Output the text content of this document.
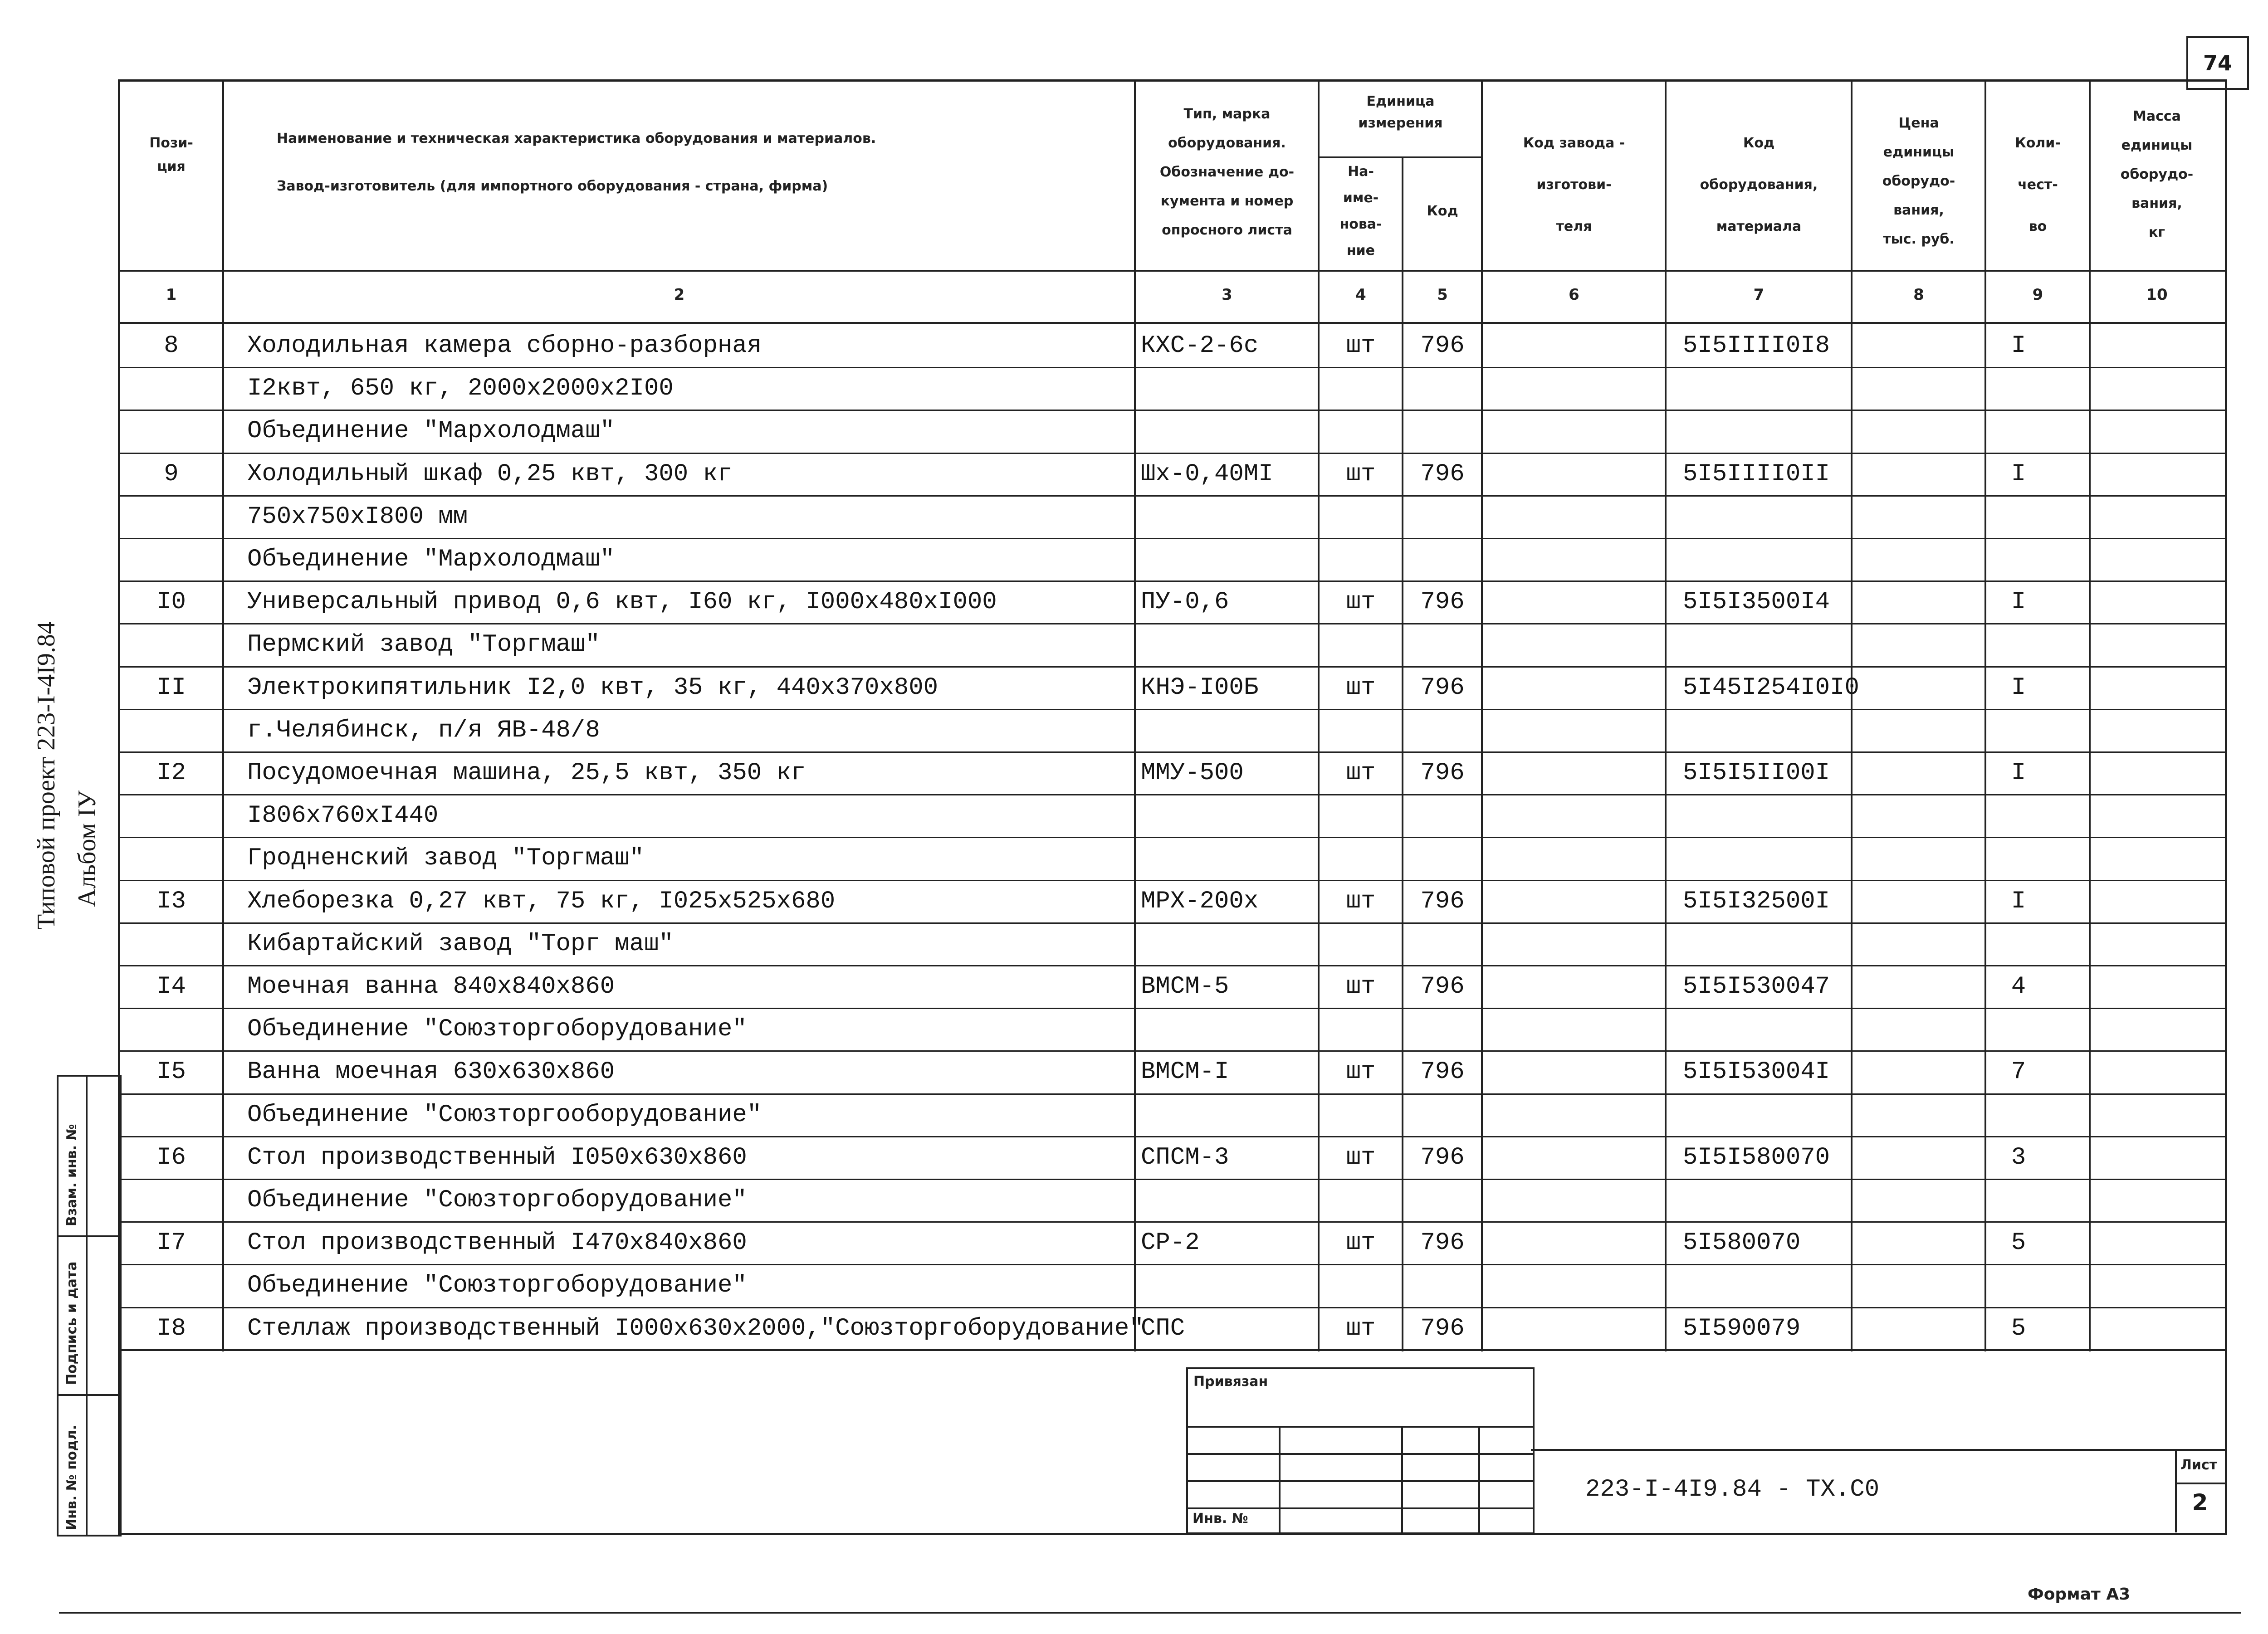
74
Типовой проект 223-I-4I9.84 Альбом IУ
Взам. инв. №
Подпись и дата
Инв. № подл.
Пози-
ция
Наименование и техническая характеристика оборудования и материалов.
Завод-изготовитель (для импортного оборудования - страна, фирма)
Тип, марка
оборудования.
Обозначение до-
кумента и номер
опросного листа
Единица
измерения
На-
име-
нова-
ние
Код
Код завода -
изготови-
теля
Код
оборудования,
материала
Цена
единицы
оборудо-
вания,
тыс. руб.
Коли-
чест-
во
Масса
единицы
оборудо-
вания,
кг
1	2	3	4	5	6	7	8	9	10
8	Холодильная камера сборно-разборная	КХС-2-6с	шт	796	5I5IIII0I8	I
I2квт, 650 кг, 2000х2000х2I00
Объединение "Мархолодмаш"
9	Холодильный шкаф 0,25 квт, 300 кг	Шх-0,40МI	шт	796	5I5IIII0II	I
750х750хI800 мм
Объединение "Мархолодмаш"
I0	Универсальный привод 0,6 квт, I60 кг, I000х480хI000	ПУ-0,6	шт	796	5I5I3500I4	I
Пермский завод "Торгмаш"
II	Электрокипятильник I2,0 квт, 35 кг, 440х370х800	КНЭ-I00Б	шт	796	5I45I254I0I0	I
г.Челябинск, п/я ЯВ-48/8
I2	Посудомоечная машина, 25,5 квт, 350 кг	ММУ-500	шт	796	5I5I5II00I	I
I806х760хI440
Гродненский завод "Торгмаш"
I3	Хлеборезка 0,27 квт, 75 кг, I025х525х680	МРХ-200х	шт	796	5I5I32500I	I
Кибартайский завод "Торг маш"
I4	Моечная ванна 840х840х860	ВМСМ-5	шт	796	5I5I530047	4
Объединение "Союзторгоборудование"
I5	Ванна моечная 630х630х860	ВМСМ-I	шт	796	5I5I53004I	7
Объединение "Союзторгооборудование"
I6	Стол производственный I050х630х860	СПСМ-3	шт	796	5I5I580070	3
Объединение "Союзторгоборудование"
I7	Стол производственный I470х840х860	СР-2	шт	796	5I580070	5
Объединение "Союзторгоборудование"
I8	Стеллаж производственный I000х630х2000,"Союзторгоборудование"
СПС	шт	796	5I590079	5
Привязан
Инв. №
223-I-4I9.84 - ТХ.С0
Лист
2
Формат А3
